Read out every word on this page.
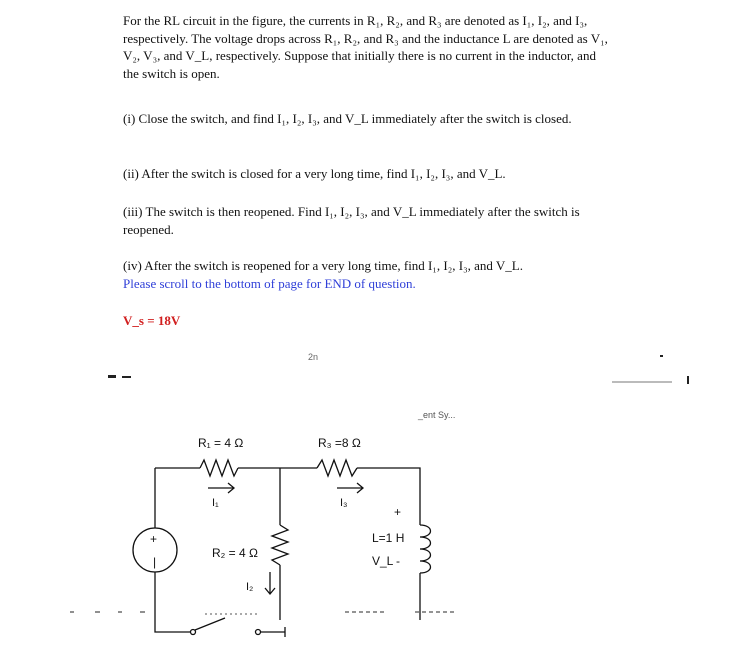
For the RL circuit in the figure, the currents in R₁, R₂, and R₃ are denoted as I₁, I₂, and I₃, respectively. The voltage drops across R₁, R₂, and R₃ and the inductance L are denoted as V₁, V₂, V₃, and V_L, respectively. Suppose that initially there is no current in the inductor, and the switch is open.
(i) Close the switch, and find I₁, I₂, I₃, and V_L immediately after the switch is closed.
(ii) After the switch is closed for a very long time, find I₁, I₂, I₃, and V_L.
(iii) The switch is then reopened. Find I₁, I₂, I₃, and V_L immediately after the switch is reopened.
(iv) After the switch is reopened for a very long time, find I₁, I₂, I₃, and V_L.
Please scroll to the bottom of page for END of question.
V_s = 18V
2n
_ent Sy...
R₁ = 4 Ω	R₃ =8 Ω
I₁	I₃
R₂ = 4 Ω
I₂
+
L=1 H
V_L -
+
|
